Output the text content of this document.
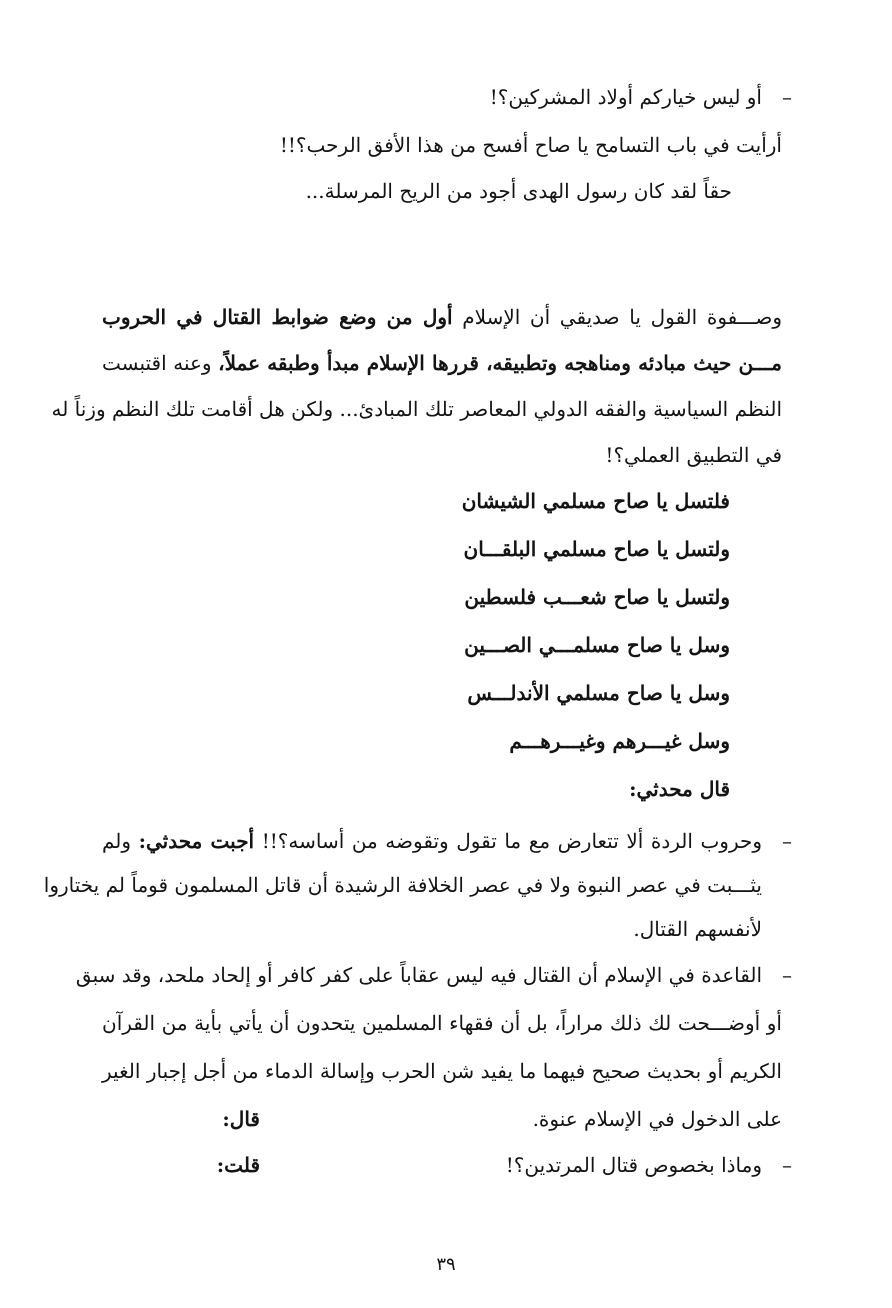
–
أو ليس خياركم أولاد المشركين؟!
أرأيت في باب التسامح يا صاح أفسح من هذا الأفق الرحب؟!!
حقاً لقد كان رسول الهدى أجود من الريح المرسلة...
وصـــفوة القول يا صديقي أن الإسلام أول من وضع ضوابط القتال في الحروب
مـــن حيث مبادئه ومناهجه وتطبيقه، قررها الإسلام مبدأ وطبقه عملاً، وعنه اقتبست
النظم السياسية والفقه الدولي المعاصر تلك المبادئ... ولكن هل أقامت تلك النظم وزناً له
في التطبيق العملي؟!
فلتسل يا صاح مسلمي الشيشان
ولتسل يا صاح مسلمي البلقـــان
ولتسل يا صاح شعـــب فلسطين
وسل يا صاح مسلمـــي الصـــين
وسل يا صاح مسلمي الأندلـــس
وسل غيـــرهم وغيـــرهـــم
قال محدثي:
–
وحروب الردة ألا تتعارض مع ما تقول وتقوضه من أساسه؟!! أجبت محدثي: ولم
يثـــبت في عصر النبوة ولا في عصر الخلافة الرشيدة أن قاتل المسلمون قوماً لم يختاروا
لأنفسهم القتال.
–
القاعدة في الإسلام أن القتال فيه ليس عقاباً على كفر كافر أو إلحاد ملحد، وقد سبق
أو أوضـــحت لك ذلك مراراً، بل أن فقهاء المسلمين يتحدون أن يأتي بأية من القرآن
الكريم أو بحديث صحيح فيهما ما يفيد شن الحرب وإسالة الدماء من أجل إجبار الغير
على الدخول في الإسلام عنوة.
قال:
–
وماذا بخصوص قتال المرتدين؟!
قلت:
٣٩
